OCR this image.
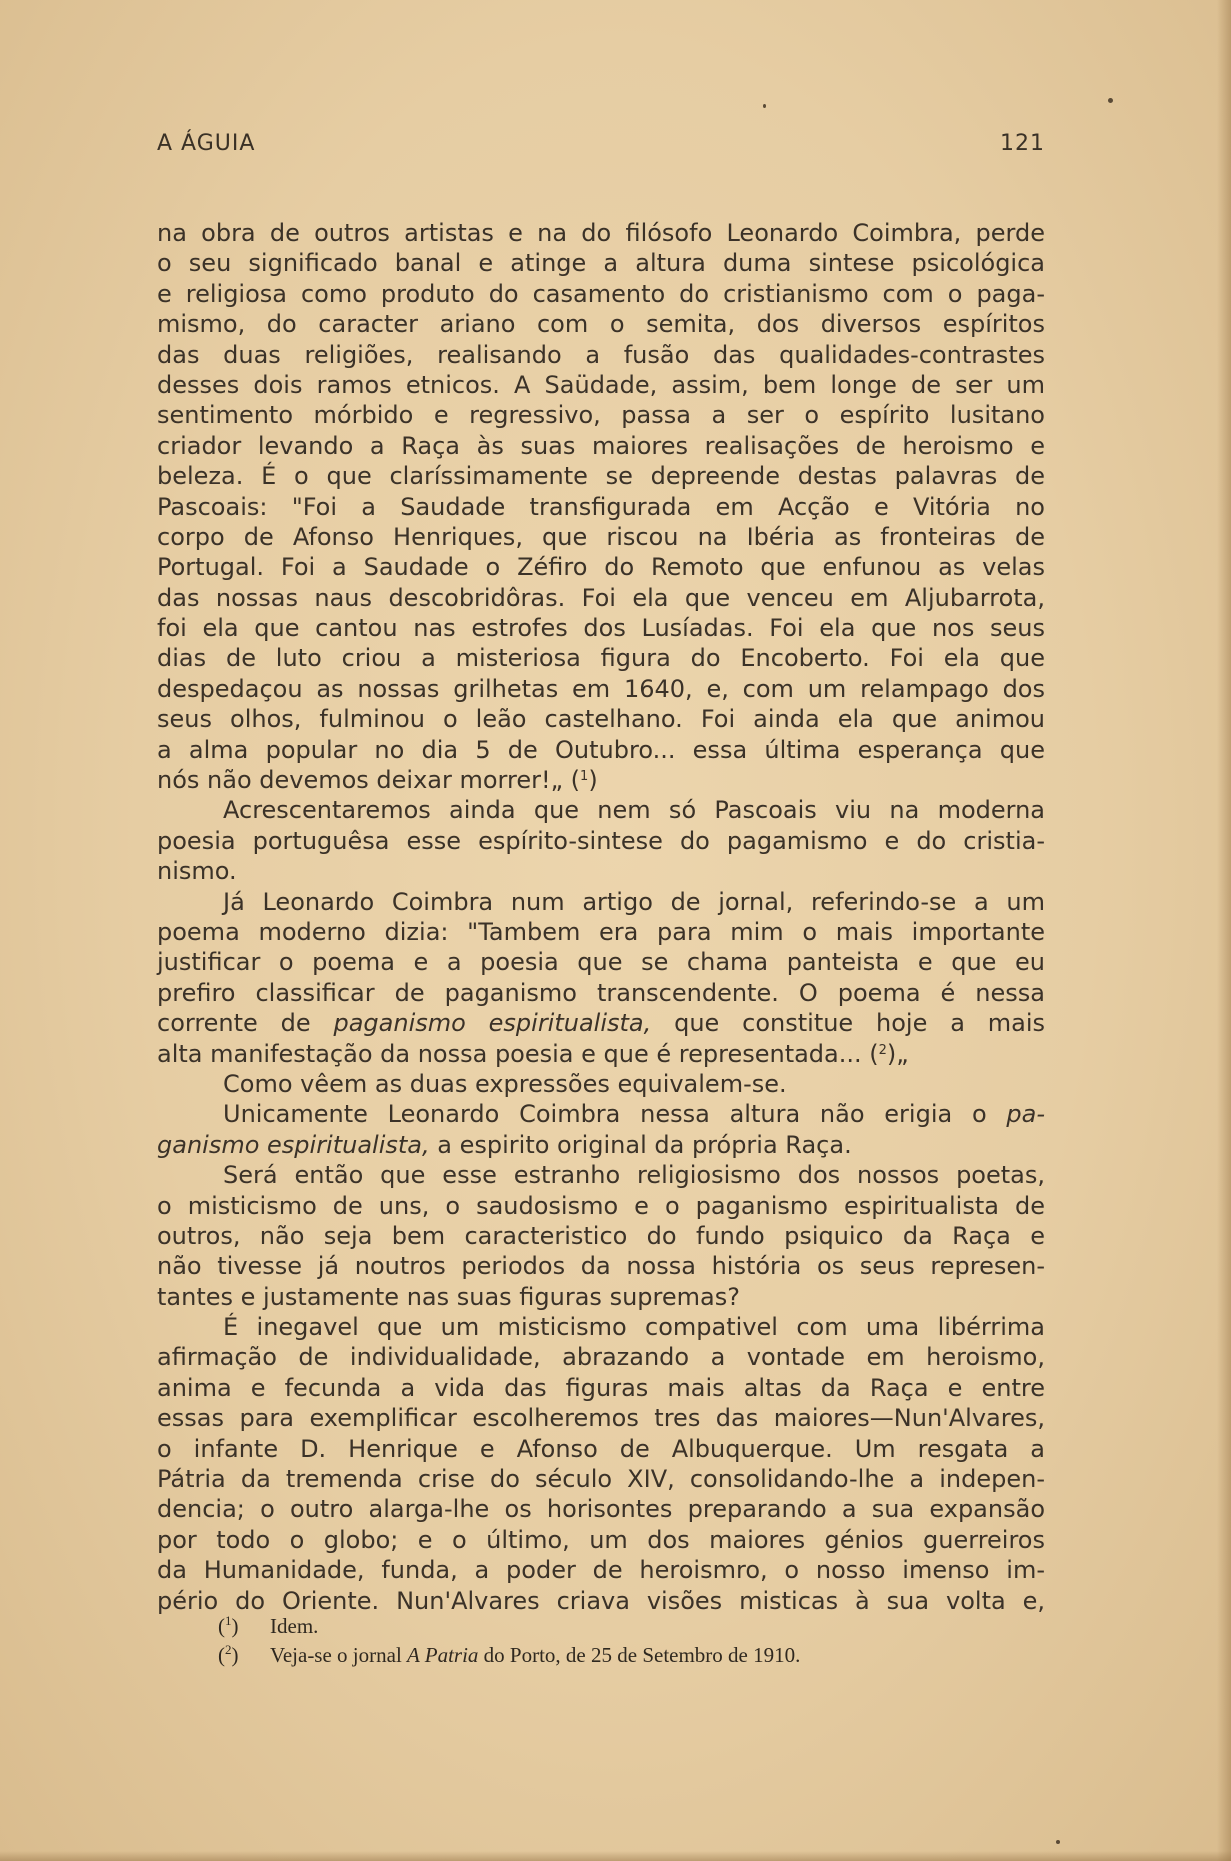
A ÁGUIA	121
na obra de outros artistas e na do filósofo Leonardo Coimbra, perde
o seu significado banal e atinge a altura duma sintese psicológica
e religiosa como produto do casamento do cristianismo com o paga-
mismo, do caracter ariano com o semita, dos diversos espíritos
das duas religiões, realisando a fusão das qualidades-contrastes
desses dois ramos etnicos. A Saüdade, assim, bem longe de ser um
sentimento mórbido e regressivo, passa a ser o espírito lusitano
criador levando a Raça às suas maiores realisações de heroismo e
beleza. É o que claríssimamente se depreende destas palavras de
Pascoais: "Foi a Saudade transfigurada em Acção e Vitória no
corpo de Afonso Henriques, que riscou na Ibéria as fronteiras de
Portugal. Foi a Saudade o Zéfiro do Remoto que enfunou as velas
das nossas naus descobridôras. Foi ela que venceu em Aljubarrota,
foi ela que cantou nas estrofes dos Lusíadas. Foi ela que nos seus
dias de luto criou a misteriosa figura do Encoberto. Foi ela que
despedaçou as nossas grilhetas em 1640, e, com um relampago dos
seus olhos, fulminou o leão castelhano. Foi ainda ela que animou
a alma popular no dia 5 de Outubro... essa última esperança que
nós não devemos deixar morrer!„ ($^1$)
Acrescentaremos ainda que nem só Pascoais viu na moderna
poesia portuguêsa esse espírito-sintese do pagamismo e do cristia-
nismo.
Já Leonardo Coimbra num artigo de jornal, referindo-se a um
poema moderno dizia: "Tambem era para mim o mais importante
justificar o poema e a poesia que se chama panteista e que eu
prefiro classificar de paganismo transcendente. O poema é nessa
corrente de paganismo espiritualista, que constitue hoje a mais
alta manifestação da nossa poesia e que é representada... ($^2$)„
Como vêem as duas expressões equivalem-se.
Unicamente Leonardo Coimbra nessa altura não erigia o pa-
ganismo espiritualista, a espirito original da própria Raça.
Será então que esse estranho religiosismo dos nossos poetas,
o misticismo de uns, o saudosismo e o paganismo espiritualista de
outros, não seja bem caracteristico do fundo psiquico da Raça e
não tivesse já noutros periodos da nossa história os seus represen-
tantes e justamente nas suas figuras supremas?
É inegavel que um misticismo compativel com uma libérrima
afirmação de individualidade, abrazando a vontade em heroismo,
anima e fecunda a vida das figuras mais altas da Raça e entre
essas para exemplificar escolheremos tres das maiores—Nun'Alvares,
o infante D. Henrique e Afonso de Albuquerque. Um resgata a
Pátria da tremenda crise do século XIV, consolidando-lhe a indepen-
dencia; o outro alarga-lhe os horisontes preparando a sua expansão
por todo o globo; e o último, um dos maiores génios guerreiros
da Humanidade, funda, a poder de heroismro, o nosso imenso im-
pério do Oriente. Nun'Alvares criava visões misticas à sua volta e,
($^1$) Idem.
($^2$) Veja-se o jornal A Patria do Porto, de 25 de Setembro de 1910.
